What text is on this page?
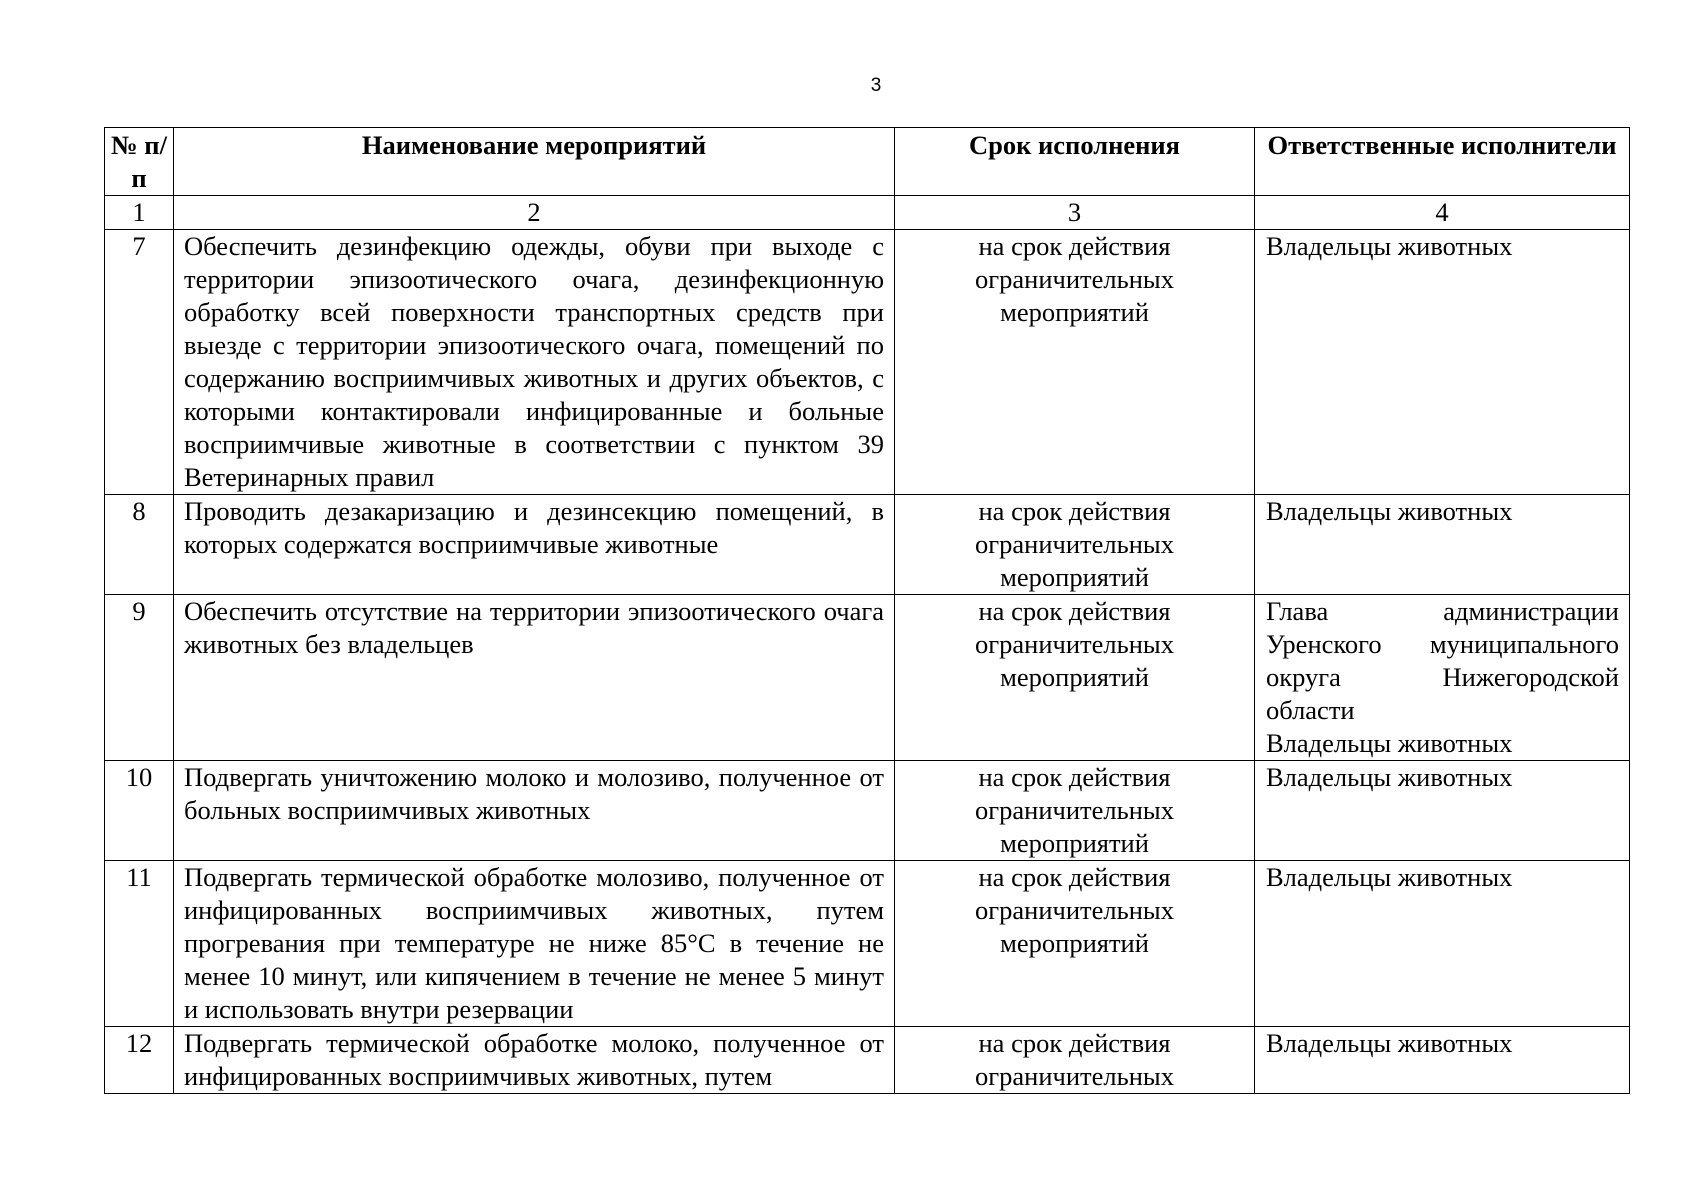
3
№ п/п	Наименование мероприятий	Срок исполнения	Ответственные исполнители

1	2	3	4
7	Обеспечить дезинфекцию одежды, обуви при выходе с территории эпизоотического очага, дезинфекционную обработку всей поверхности транспортных средств при выезде с территории эпизоотического очага, помещений по содержанию восприимчивых животных и других объектов, с которыми контактировали инфицированные и больные восприимчивые животные в соответствии с пунктом 39 Ветеринарных правил	на срок действия ограничительных мероприятий	Владельцы животных

8	Проводить дезакаризацию и дезинсекцию помещений, в которых содержатся восприимчивые животные	на срок действия ограничительных мероприятий	Владельцы животных

9	Обеспечить отсутствие на территории эпизоотического очага животных без владельцев	на срок действия ограничительных мероприятий	Глава администрации Уренского муниципального округа Нижегородской
области
Владельцы животных

10	Подвергать уничтожению молоко и молозиво, полученное от больных восприимчивых животных	на срок действия ограничительных мероприятий	Владельцы животных

11	Подвергать термической обработке молозиво, полученное от инфицированных восприимчивых животных, путем прогревания при температуре не ниже 85°С в течение не менее 10 минут, или кипячением в течение не менее 5 минут и использовать внутри резервации	на срок действия ограничительных мероприятий	Владельцы животных

12	Подвергать термической обработке молоко, полученное от инфицированных восприимчивых животных, путем	на срок действия ограничительных	Владельцы животных
